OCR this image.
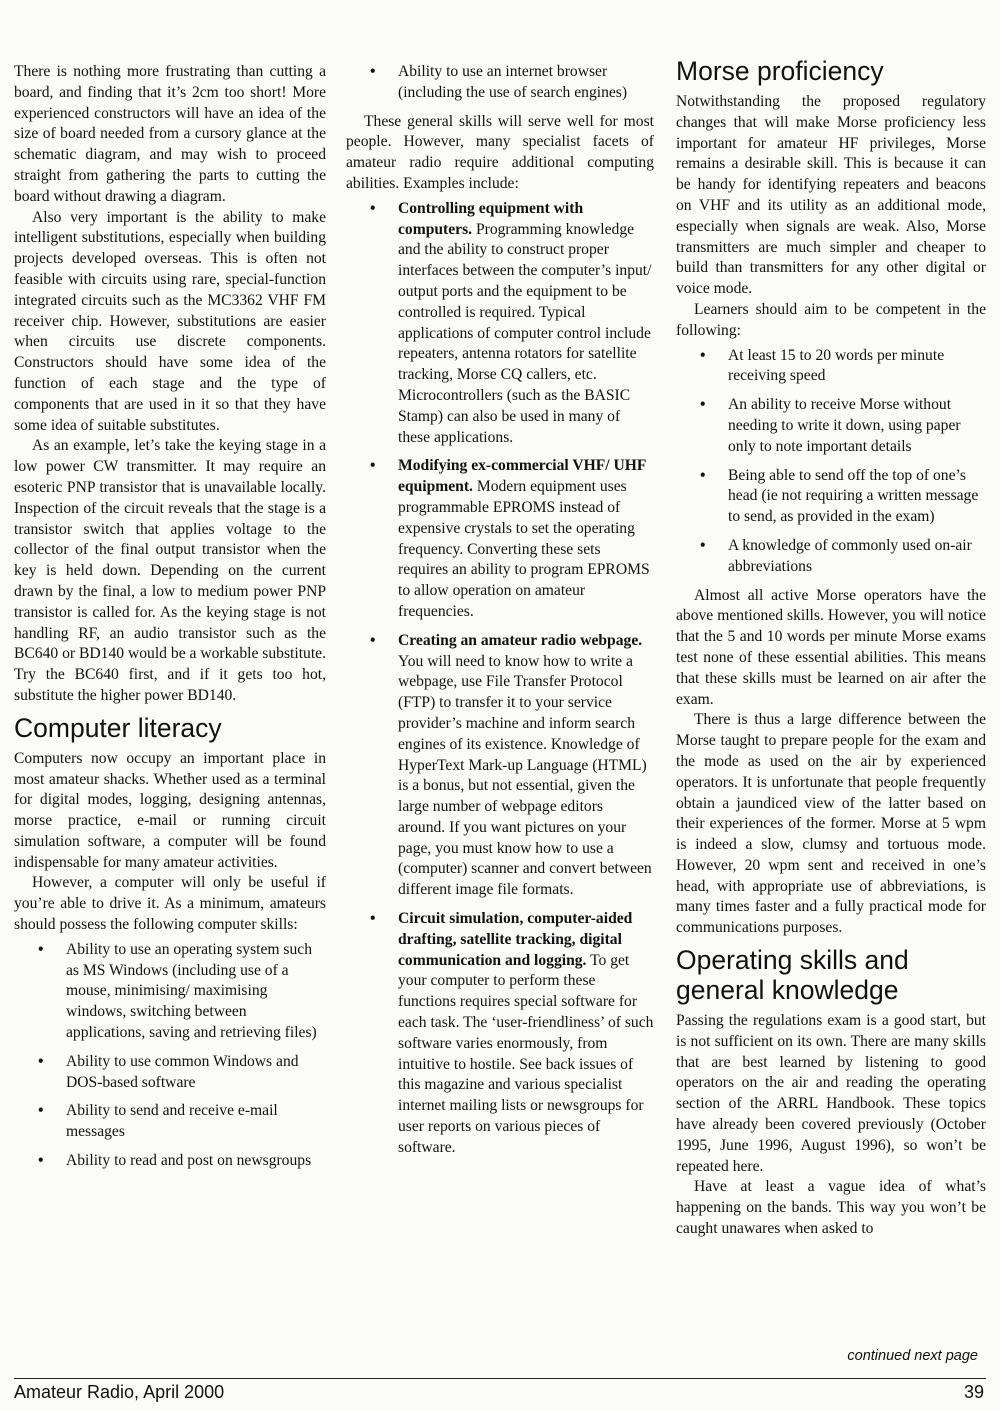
There is nothing more frustrating than cutting a board, and finding that it’s 2cm too short! More experienced constructors will have an idea of the size of board needed from a cursory glance at the schematic diagram, and may wish to proceed straight from gathering the parts to cutting the board without drawing a diagram.

Also very important is the ability to make intelligent substitutions, especially when building projects developed overseas. This is often not feasible with circuits using rare, special-function integrated circuits such as the MC3362 VHF FM receiver chip. However, substitutions are easier when circuits use discrete components. Constructors should have some idea of the function of each stage and the type of components that are used in it so that they have some idea of suitable substitutes.

As an example, let’s take the keying stage in a low power CW transmitter. It may require an esoteric PNP transistor that is unavailable locally. Inspection of the circuit reveals that the stage is a transistor switch that applies voltage to the collector of the final output transistor when the key is held down. Depending on the current drawn by the final, a low to medium power PNP transistor is called for. As the keying stage is not handling RF, an audio transistor such as the BC640 or BD140 would be a workable substitute. Try the BC640 first, and if it gets too hot, substitute the higher power BD140.

Computer literacy

Computers now occupy an important place in most amateur shacks. Whether used as a terminal for digital modes, logging, designing antennas, morse practice, e-mail or running circuit simulation software, a computer will be found indispensable for many amateur activities.

However, a computer will only be useful if you’re able to drive it. As a minimum, amateurs should possess the following computer skills:

• Ability to use an operating system such as MS Windows (including use of a mouse, minimising/ maximising windows, switching between applications, saving and retrieving files)
• Ability to use common Windows and DOS-based software
• Ability to send and receive e-mail messages
• Ability to read and post on newsgroups
• Ability to use an internet browser (including the use of search engines)

These general skills will serve well for most people. However, many specialist facets of amateur radio require additional computing abilities. Examples include:

• Controlling equipment with computers. Programming knowledge and the ability to construct proper interfaces between the computer’s input/ output ports and the equipment to be controlled is required. Typical applications of computer control include repeaters, antenna rotators for satellite tracking, Morse CQ callers, etc. Microcontrollers (such as the BASIC Stamp) can also be used in many of these applications.
• Modifying ex-commercial VHF/ UHF equipment. Modern equipment uses programmable EPROMS instead of expensive crystals to set the operating frequency. Converting these sets requires an ability to program EPROMS to allow operation on amateur frequencies.
• Creating an amateur radio webpage. You will need to know how to write a webpage, use File Transfer Protocol (FTP) to transfer it to your service provider’s machine and inform search engines of its existence. Knowledge of HyperText Mark-up Language (HTML) is a bonus, but not essential, given the large number of webpage editors around. If you want pictures on your page, you must know how to use a (computer) scanner and convert between different image file formats.
• Circuit simulation, computer-aided drafting, satellite tracking, digital communication and logging. To get your computer to perform these functions requires special software for each task. The ‘user-friendliness’ of such software varies enormously, from intuitive to hostile. See back issues of this magazine and various specialist internet mailing lists or newsgroups for user reports on various pieces of software.
Morse proficiency

Notwithstanding the proposed regulatory changes that will make Morse proficiency less important for amateur HF privileges, Morse remains a desirable skill. This is because it can be handy for identifying repeaters and beacons on VHF and its utility as an additional mode, especially when signals are weak. Also, Morse transmitters are much simpler and cheaper to build than transmitters for any other digital or voice mode.

Learners should aim to be competent in the following:

• At least 15 to 20 words per minute receiving speed
• An ability to receive Morse without needing to write it down, using paper only to note important details
• Being able to send off the top of one’s head (ie not requiring a written message to send, as provided in the exam)
• A knowledge of commonly used on-air abbreviations

Almost all active Morse operators have the above mentioned skills. However, you will notice that the 5 and 10 words per minute Morse exams test none of these essential abilities. This means that these skills must be learned on air after the exam.

There is thus a large difference between the Morse taught to prepare people for the exam and the mode as used on the air by experienced operators. It is unfortunate that people frequently obtain a jaundiced view of the latter based on their experiences of the former. Morse at 5 wpm is indeed a slow, clumsy and tortuous mode. However, 20 wpm sent and received in one’s head, with appropriate use of abbreviations, is many times faster and a fully practical mode for communications purposes.

Operating skills and general knowledge

Passing the regulations exam is a good start, but is not sufficient on its own. There are many skills that are best learned by listening to good operators on the air and reading the operating section of the ARRL Handbook. These topics have already been covered previously (October 1995, June 1996, August 1996), so won’t be repeated here.

Have at least a vague idea of what’s happening on the bands. This way you won’t be caught unawares when asked to

continued next page
Amateur Radio, April 2000	39
